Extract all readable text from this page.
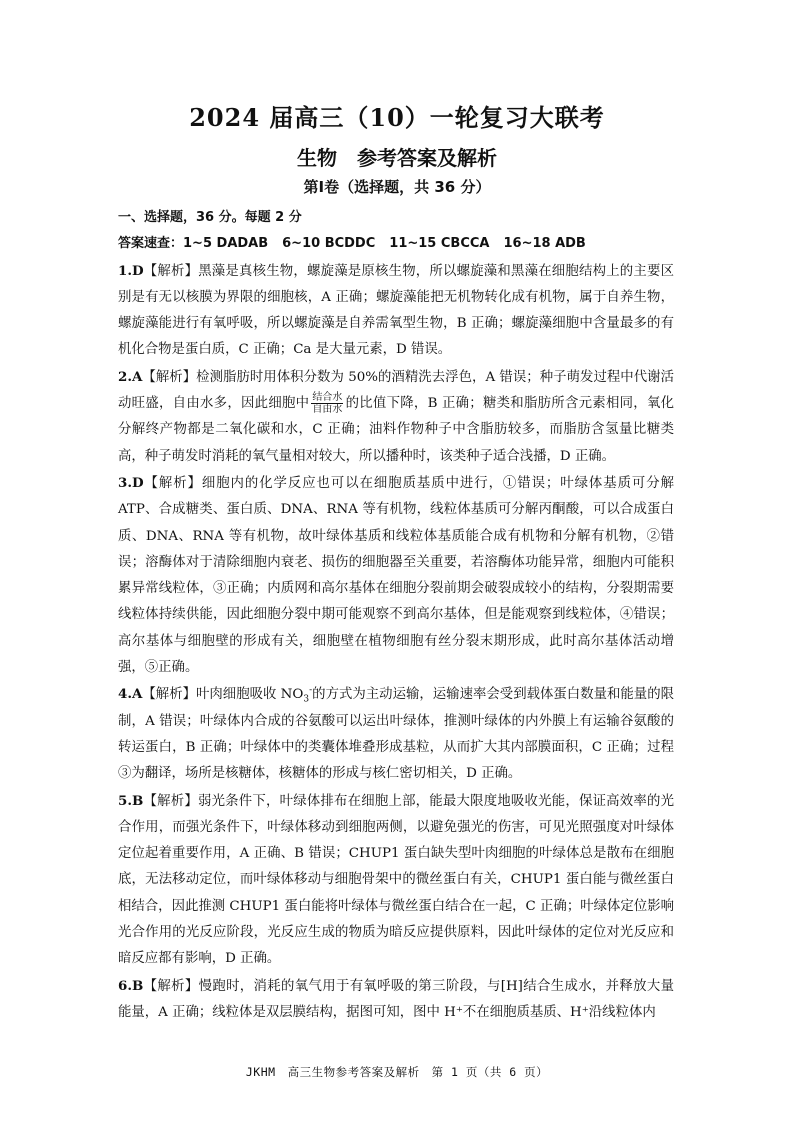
2024 届高三（10）一轮复习大联考
生物　参考答案及解析
第Ⅰ卷（选择题，共 36 分）
一、选择题，36 分。每题 2 分
答案速查：1~5 DADAB 6~10 BCDDC 11~15 CBCCA 16~18 ADB

1.D【解析】黑藻是真核生物，螺旋藻是原核生物，所以螺旋藻和黑藻在细胞结构上的主要区别是有无以核膜为界限的细胞核，A 正确；螺旋藻能把无机物转化成有机物，属于自养生物，螺旋藻能进行有氧呼吸，所以螺旋藻是自养需氧型生物，B 正确；螺旋藻细胞中含量最多的有机化合物是蛋白质，C 正确；Ca 是大量元素，D 错误。

2.A【解析】检测脂肪时用体积分数为 50%的酒精洗去浮色，A 错误；种子萌发过程中代谢活动旺盛，自由水多，因此细胞中 $\frac{\text{结合水}}{\text{自由水}}$ 的比值下降，B 正确；糖类和脂肪所含元素相同，氧化分解终产物都是二氧化碳和水，C 正确；油料作物种子中含脂肪较多，而脂肪含氢量比糖类高，种子萌发时消耗的氧气量相对较大，所以播种时，该类种子适合浅播，D 正确。

3.D【解析】细胞内的化学反应也可以在细胞质基质中进行，①错误；叶绿体基质可分解 ATP、合成糖类、蛋白质、DNA、RNA 等有机物，线粒体基质可分解丙酮酸，可以合成蛋白质、DNA、RNA 等有机物，故叶绿体基质和线粒体基质能合成有机物和分解有机物，②错误；溶酶体对于清除细胞内衰老、损伤的细胞器至关重要，若溶酶体功能异常，细胞内可能积累异常线粒体，③正确；内质网和高尔基体在细胞分裂前期会破裂成较小的结构，分裂期需要线粒体持续供能，因此细胞分裂中期可能观察不到高尔基体，但是能观察到线粒体，④错误；高尔基体与细胞壁的形成有关，细胞壁在植物细胞有丝分裂末期形成，此时高尔基体活动增强，⑤正确。

4.A【解析】叶肉细胞吸收 $NO_3^-$的方式为主动运输，运输速率会受到载体蛋白数量和能量的限制，A 错误；叶绿体内合成的谷氨酸可以运出叶绿体，推测叶绿体的内外膜上有运输谷氨酸的转运蛋白，B 正确；叶绿体中的类囊体堆叠形成基粒，从而扩大其内部膜面积，C 正确；过程③为翻译，场所是核糖体，核糖体的形成与核仁密切相关，D 正确。

5.B【解析】弱光条件下，叶绿体排布在细胞上部，能最大限度地吸收光能，保证高效率的光合作用，而强光条件下，叶绿体移动到细胞两侧，以避免强光的伤害，可见光照强度对叶绿体定位起着重要作用，A 正确、B 错误；CHUP1 蛋白缺失型叶肉细胞的叶绿体总是散布在细胞底，无法移动定位，而叶绿体移动与细胞骨架中的微丝蛋白有关，CHUP1 蛋白能与微丝蛋白相结合，因此推测 CHUP1 蛋白能将叶绿体与微丝蛋白结合在一起，C 正确；叶绿体定位影响光合作用的光反应阶段，光反应生成的物质为暗反应提供原料，因此叶绿体的定位对光反应和暗反应都有影响，D 正确。

6.B【解析】慢跑时，消耗的氧气用于有氧呼吸的第三阶段，与[H]结合生成水，并释放大量能量，A 正确；线粒体是双层膜结构，据图可知，图中 H⁺不在细胞质基质、H⁺沿线粒体内

JKHM　高三生物参考答案及解析　第 1 页（共 6 页）
